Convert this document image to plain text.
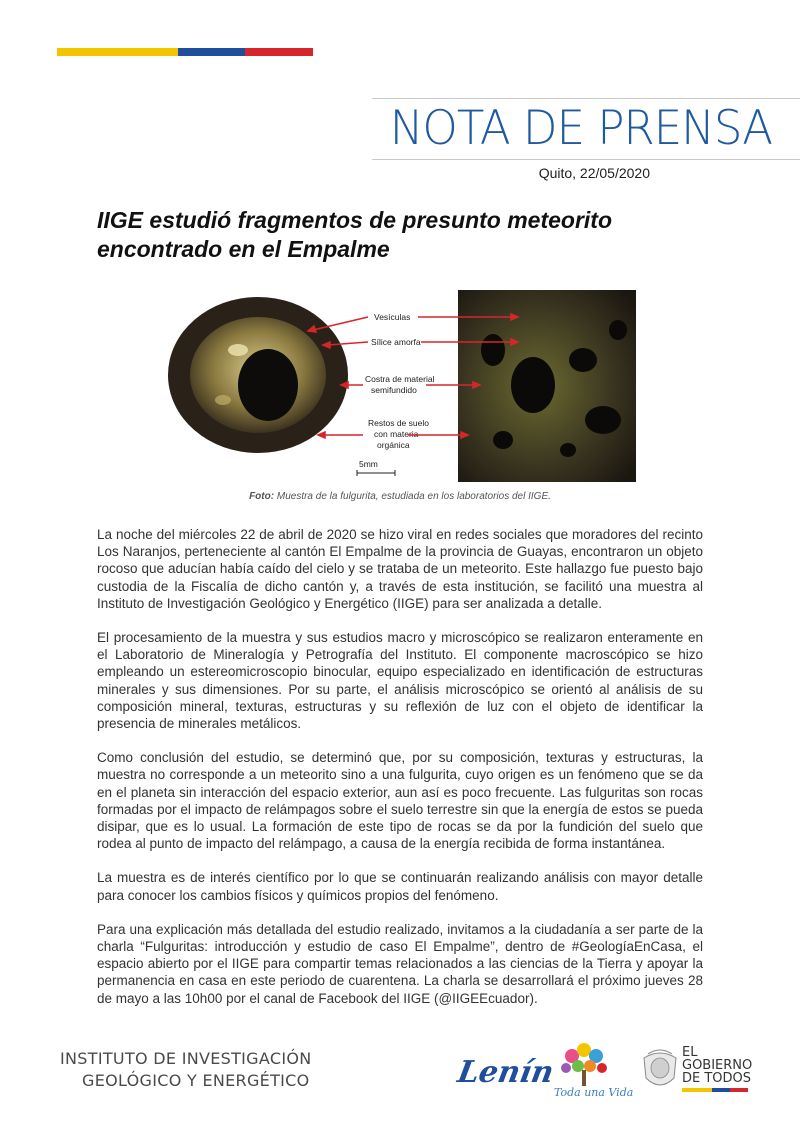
NOTA DE PRENSA
Quito, 22/05/2020
IIGE estudió fragmentos de presunto meteorito encontrado en el Empalme
Vesículas
Sílice amorfa
Costra de material
semifundido
Restos de suelo
con materia
orgánica
5mm
Foto: Muestra de la fulgurita, estudiada en los laboratorios del IIGE.

La noche del miércoles 22 de abril de 2020 se hizo viral en redes sociales que moradores del recinto Los Naranjos, perteneciente al cantón El Empalme de la provincia de Guayas, encontraron un objeto rocoso que aducían había caído del cielo y se trataba de un meteorito. Este hallazgo fue puesto bajo custodia de la Fiscalía de dicho cantón y, a través de esta institución, se facilitó una muestra al Instituto de Investigación Geológico y Energético (IIGE) para ser analizada a detalle.

El procesamiento de la muestra y sus estudios macro y microscópico se realizaron enteramente en el Laboratorio de Mineralogía y Petrografía del Instituto. El componente macroscópico se hizo empleando un estereomicroscopio binocular, equipo especializado en identificación de estructuras minerales y sus dimensiones. Por su parte, el análisis microscópico se orientó al análisis de su composición mineral, texturas, estructuras y su reflexión de luz con el objeto de identificar la presencia de minerales metálicos.

Como conclusión del estudio, se determinó que, por su composición, texturas y estructuras, la muestra no corresponde a un meteorito sino a una fulgurita, cuyo origen es un fenómeno que se da en el planeta sin interacción del espacio exterior, aun así es poco frecuente. Las fulguritas son rocas formadas por el impacto de relámpagos sobre el suelo terrestre sin que la energía de estos se pueda disipar, que es lo usual. La formación de este tipo de rocas se da por la fundición del suelo que rodea al punto de impacto del relámpago, a causa de la energía recibida de forma instantánea.

La muestra es de interés científico por lo que se continuarán realizando análisis con mayor detalle para conocer los cambios físicos y químicos propios del fenómeno.

Para una explicación más detallada del estudio realizado, invitamos a la ciudadanía a ser parte de la charla “Fulguritas: introducción y estudio de caso El Empalme”, dentro de #GeologíaEnCasa, el espacio abierto por el IIGE para compartir temas relacionados a las ciencias de la Tierra y apoyar la permanencia en casa en este periodo de cuarentena. La charla se desarrollará el próximo jueves 28 de mayo a las 10h00 por el canal de Facebook del IIGE (@IIGEEcuador).

INSTITUTO DE INVESTIGACIÓN
GEOLÓGICO Y ENERGÉTICO	Lenín
Toda una Vida
EL
GOBIERNO
DE TODOS
